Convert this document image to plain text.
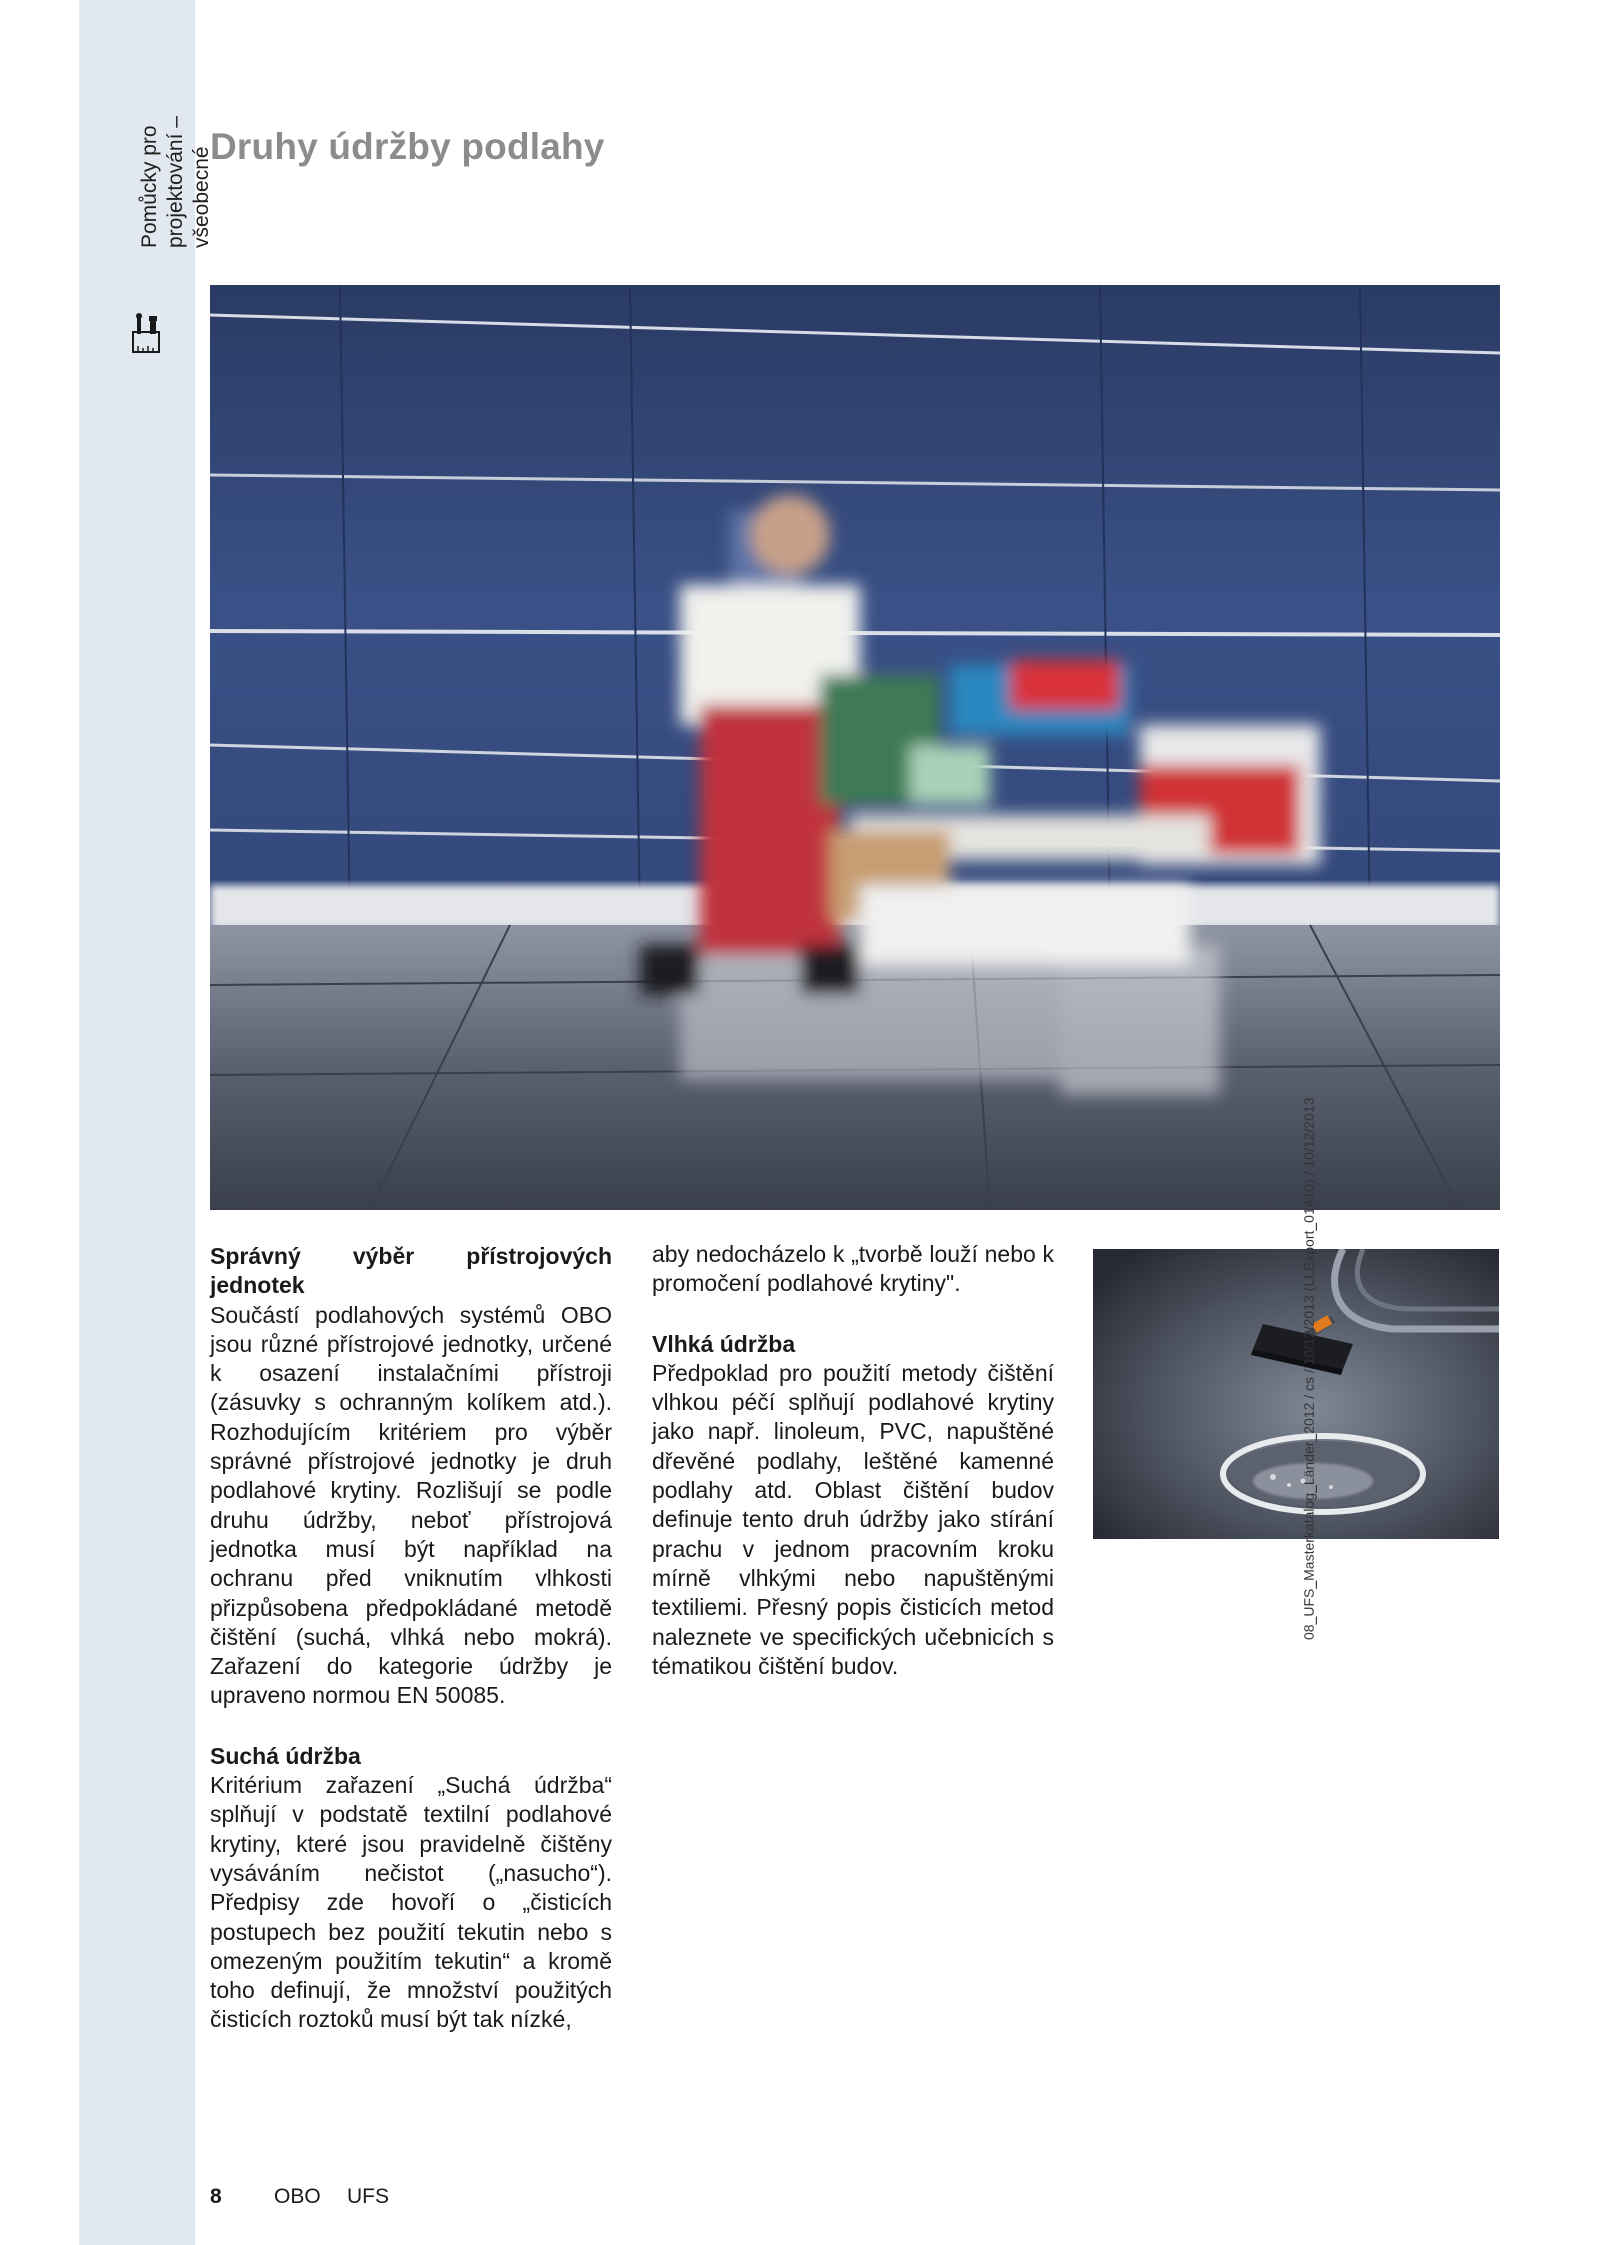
Pomůcky pro projektování – všeobecné
Druhy údržby podlahy
Správný výběr přístrojových jednotek

Součástí podlahových systémů OBO jsou různé přístrojové jednotky, určené k osazení instalačními přístroji (zásuvky s ochranným kolíkem atd.). Rozhodujícím kritériem pro výběr správné přístrojové jednotky je druh podlahové krytiny. Rozlišují se podle druhu údržby, neboť přístrojová jednotka musí být například na ochranu před vniknutím vlhkosti přizpůsobena předpokládané metodě čištění (suchá, vlhká nebo mokrá). Zařazení do kategorie údržby je upraveno normou EN 50085.

Suchá údržba

Kritérium zařazení „Suchá údržba“ splňují v podstatě textilní podlahové krytiny, které jsou pravidelně čištěny vysáváním nečistot („nasucho“). Předpisy zde hovoří o „čisticích postupech bez použití tekutin nebo s omezeným použitím tekutin“ a kromě toho definují, že množství použitých čisticích roztoků musí být tak nízké,

aby nedocházelo k „tvorbě louží nebo k promočení podlahové krytiny".

Vlhká údržba

Předpoklad pro použití metody čištění vlhkou péčí splňují podlahové krytiny jako např. linoleum, PVC, napuštěné dřevěné podlahy, leštěné kamenné podlahy atd. Oblast čištění budov definuje tento druh údržby jako stírání prachu v jednom pracovním kroku mírně vlhkými nebo napuštěnými textiliemi. Přesný popis čisticích metod naleznete ve specifických učebnicích s tématikou čištění budov.

8 OBO UFS
08_UFS_Masterkatalog_Länder_2012 / cs / 10/12/2013 (LLExport_01410) / 10/12/2013
